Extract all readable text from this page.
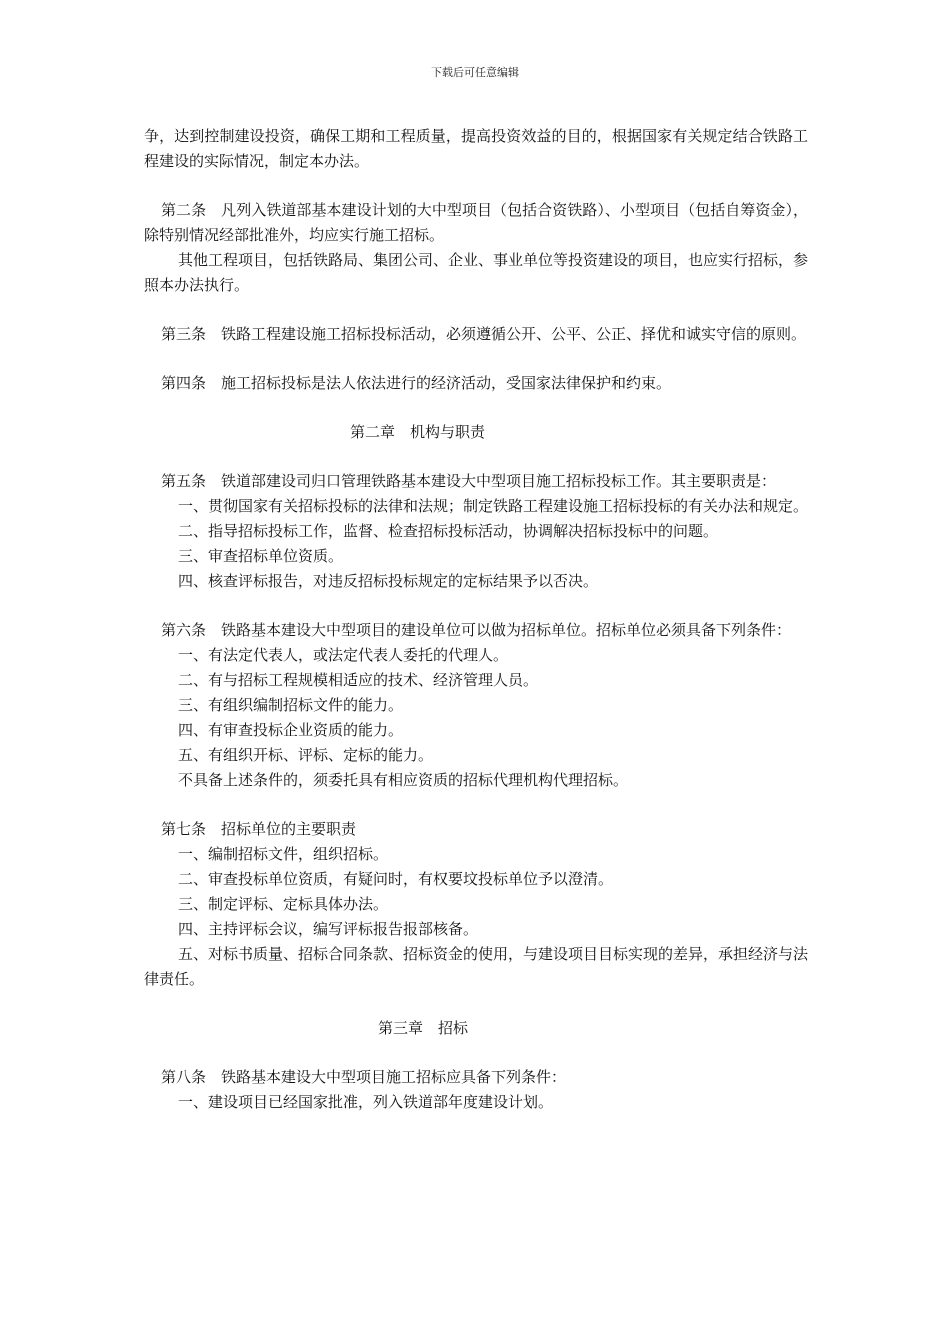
下载后可任意编辑

争，达到控制建设投资，确保工期和工程质量，提高投资效益的目的，根据国家有关规定结合铁路工程建设的实际情况，制定本办法。

第二条　凡列入铁道部基本建设计划的大中型项目（包括合资铁路）、小型项目（包括自筹资金），除特别情况经部批准外，均应实行施工招标。

其他工程项目，包括铁路局、集团公司、企业、事业单位等投资建设的项目，也应实行招标，参照本办法执行。

第三条　铁路工程建设施工招标投标活动，必须遵循公开、公平、公正、择优和诚实守信的原则。

第四条　施工招标投标是法人依法进行的经济活动，受国家法律保护和约束。

第二章　机构与职责

第五条　铁道部建设司归口管理铁路基本建设大中型项目施工招标投标工作。其主要职责是：

一、贯彻国家有关招标投标的法律和法规；制定铁路工程建设施工招标投标的有关办法和规定。

二、指导招标投标工作，监督、检查招标投标活动，协调解决招标投标中的问题。

三、审查招标单位资质。

四、核查评标报告，对违反招标投标规定的定标结果予以否决。

第六条　铁路基本建设大中型项目的建设单位可以做为招标单位。招标单位必须具备下列条件：

一、有法定代表人，或法定代表人委托的代理人。

二、有与招标工程规模相适应的技术、经济管理人员。

三、有组织编制招标文件的能力。

四、有审查投标企业资质的能力。

五、有组织开标、评标、定标的能力。

不具备上述条件的，须委托具有相应资质的招标代理机构代理招标。

第七条　招标单位的主要职责

一、编制招标文件，组织招标。

二、审查投标单位资质，有疑问时，有权要坟投标单位予以澄清。

三、制定评标、定标具体办法。

四、主持评标会议，编写评标报告报部核备。

五、对标书质量、招标合同条款、招标资金的使用，与建设项目目标实现的差异，承担经济与法律责任。

第三章　招标

第八条　铁路基本建设大中型项目施工招标应具备下列条件：

一、建设项目已经国家批准，列入铁道部年度建设计划。
